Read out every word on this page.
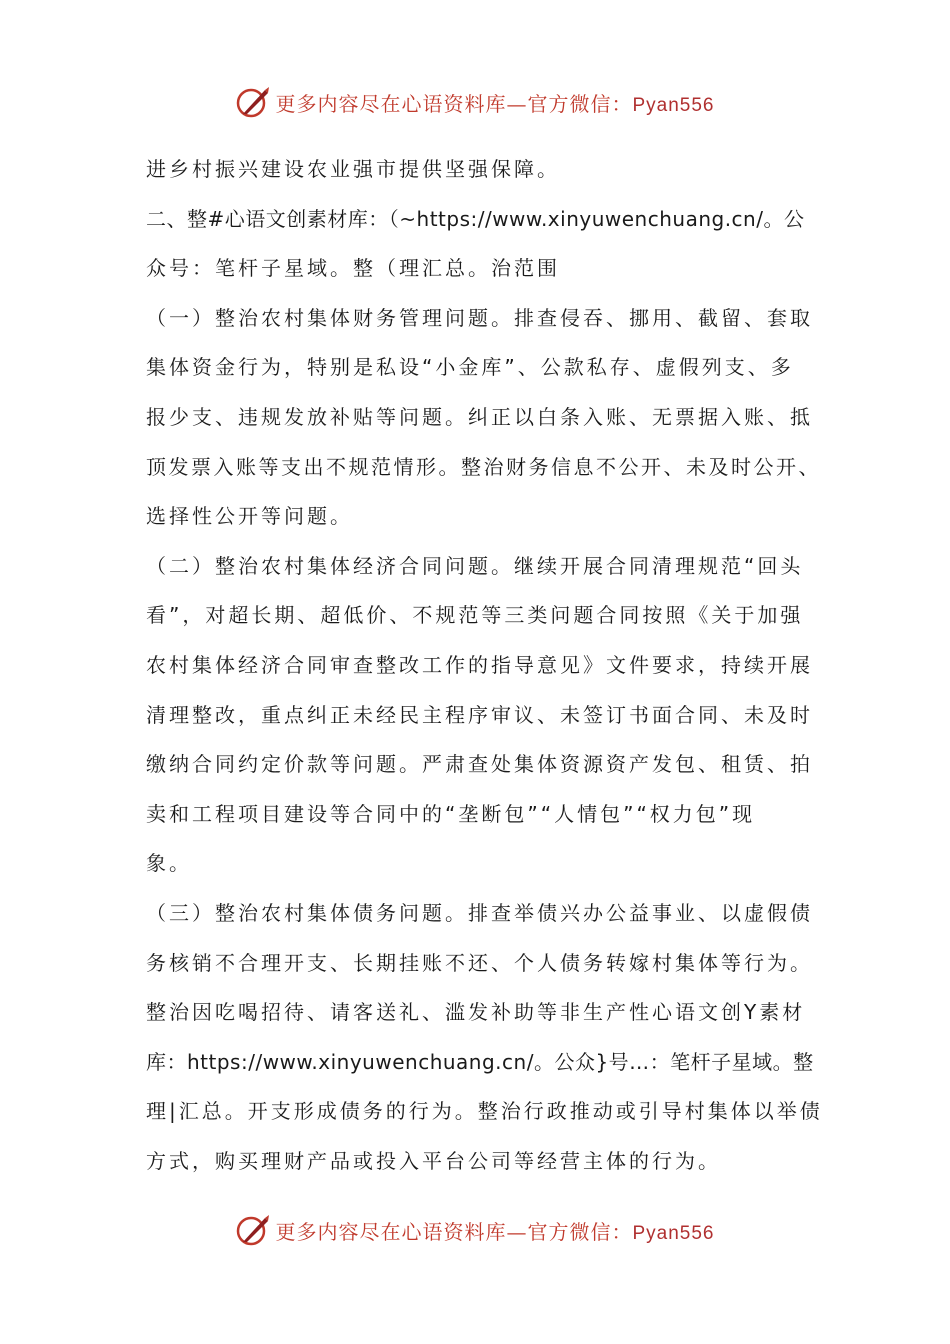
更多内容尽在心语资料库—官方微信：Pyan556
进乡村振兴建设农业强市提供坚强保障。
二、整#心语文创素材库：（~https://www.xinyuwenchuang.cn/。公
众号：笔杆子星域。整（理汇总。治范围
（一）整治农村集体财务管理问题。排查侵吞、挪用、截留、套取
集体资金行为，特别是私设“小金库”、公款私存、虚假列支、多
报少支、违规发放补贴等问题。纠正以白条入账、无票据入账、抵
顶发票入账等支出不规范情形。整治财务信息不公开、未及时公开、
选择性公开等问题。
（二）整治农村集体经济合同问题。继续开展合同清理规范“回头
看”，对超长期、超低价、不规范等三类问题合同按照《关于加强
农村集体经济合同审查整改工作的指导意见》文件要求，持续开展
清理整改，重点纠正未经民主程序审议、未签订书面合同、未及时
缴纳合同约定价款等问题。严肃查处集体资源资产发包、租赁、拍
卖和工程项目建设等合同中的“垄断包”“人情包”“权力包”现
象。
（三）整治农村集体债务问题。排查举债兴办公益事业、以虚假债
务核销不合理开支、长期挂账不还、个人债务转嫁村集体等行为。
整治因吃喝招待、请客送礼、滥发补助等非生产性心语文创Y素材
库：https://www.xinyuwenchuang.cn/。公众}号…：笔杆子星域。整
理|汇总。开支形成债务的行为。整治行政推动或引导村集体以举债
方式，购买理财产品或投入平台公司等经营主体的行为。
更多内容尽在心语资料库—官方微信：Pyan556
